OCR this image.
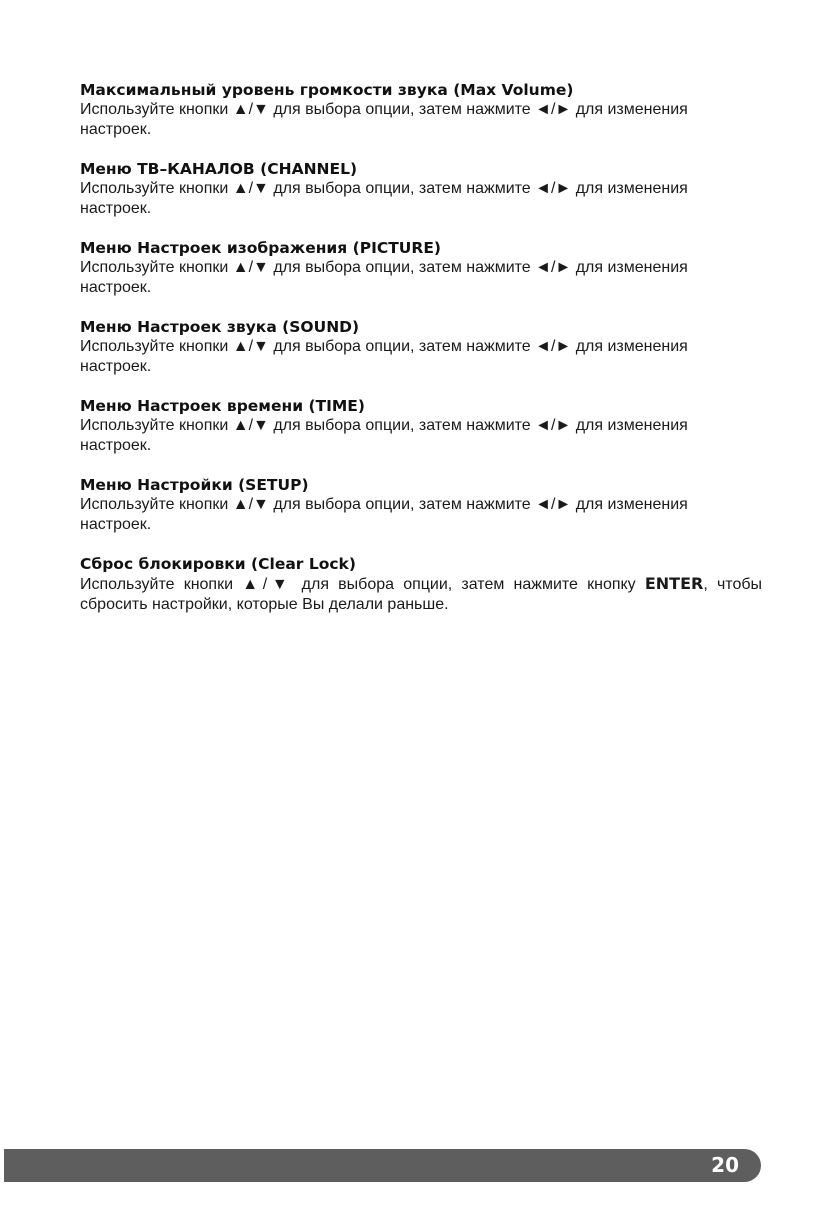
Максимальный уровень громкости звука (Max Volume)

Используйте кнопки ▲/▼ для выбора опции, затем нажмите ◄/► для изменения настроек.

Меню ТВ–КАНАЛОВ (CHANNEL)

Используйте кнопки ▲/▼ для выбора опции, затем нажмите ◄/► для изменения настроек.

Меню Настроек изображения (PICTURE)

Используйте кнопки ▲/▼ для выбора опции, затем нажмите ◄/► для изменения настроек.

Меню Настроек звука (SOUND)

Используйте кнопки ▲/▼ для выбора опции, затем нажмите ◄/► для изменения настроек.

Меню Настроек времени (TIME)

Используйте кнопки ▲/▼ для выбора опции, затем нажмите ◄/► для изменения настроек.

Меню Настройки (SETUP)

Используйте кнопки ▲/▼ для выбора опции, затем нажмите ◄/► для изменения настроек.

Сброс блокировки (Clear Lock)

Используйте кнопки ▲/▼ для выбора опции, затем нажмите кнопку ENTER, чтобы сбросить настройки, которые Вы делали раньше.

20
